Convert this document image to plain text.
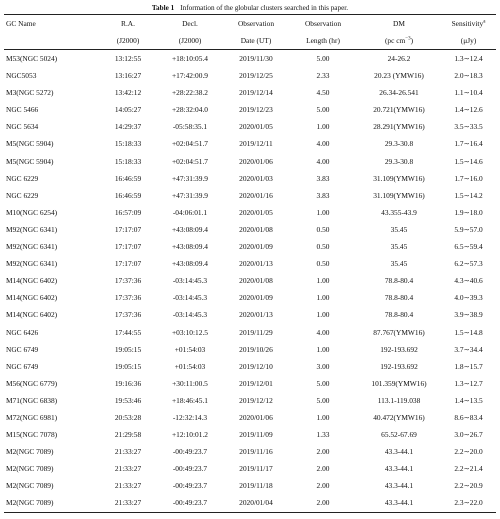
Table 1 Information of the globular clusters searched in this paper.
GC Name	R.A.	Decl.	Observation	Observation	DM	Sensitivity$^a$
	(J2000)	(J2000)	Date (UT)	Length (hr)	(pc $cm^{-3}$)	(μJy)
M53(NGC 5024)	13:12:55	+18:10:05.4	2019/11/30	5.00	24-26.2	1.3∼12.4
NGC5053	13:16:27	+17:42:00.9	2019/12/25	2.33	20.23 (YMW16)	2.0∼18.3
M3(NGC 5272)	13:42:12	+28:22:38.2	2019/12/14	4.50	26.34-26.541	1.1∼10.4
NGC 5466	14:05:27	+28:32:04.0	2019/12/23	5.00	20.721(YMW16)	1.4∼12.6
NGC 5634	14:29:37	-05:58:35.1	2020/01/05	1.00	28.291(YMW16)	3.5∼33.5
M5(NGC 5904)	15:18:33	+02:04:51.7	2019/12/11	4.00	29.3-30.8	1.7∼16.4
M5(NGC 5904)	15:18:33	+02:04:51.7	2020/01/06	4.00	29.3-30.8	1.5∼14.6
NGC 6229	16:46:59	+47:31:39.9	2020/01/03	3.83	31.109(YMW16)	1.7∼16.0
NGC 6229	16:46:59	+47:31:39.9	2020/01/16	3.83	31.109(YMW16)	1.5∼14.2
M10(NGC 6254)	16:57:09	-04:06:01.1	2020/01/05	1.00	43.355-43.9	1.9∼18.0
M92(NGC 6341)	17:17:07	+43:08:09.4	2020/01/08	0.50	35.45	5.9∼57.0
M92(NGC 6341)	17:17:07	+43:08:09.4	2020/01/09	0.50	35.45	6.5∼59.4
M92(NGC 6341)	17:17:07	+43:08:09.4	2020/01/13	0.50	35.45	6.2∼57.3
M14(NGC 6402)	17:37:36	-03:14:45.3	2020/01/08	1.00	78.8-80.4	4.3∼40.6
M14(NGC 6402)	17:37:36	-03:14:45.3	2020/01/09	1.00	78.8-80.4	4.0∼39.3
M14(NGC 6402)	17:37:36	-03:14:45.3	2020/01/13	1.00	78.8-80.4	3.9∼38.9
NGC 6426	17:44:55	+03:10:12.5	2019/11/29	4.00	87.767(YMW16)	1.5∼14.8
NGC 6749	19:05:15	+01:54:03	2019/10/26	1.00	192-193.692	3.7∼34.4
NGC 6749	19:05:15	+01:54:03	2019/12/10	3.00	192-193.692	1.8∼15.7
M56(NGC 6779)	19:16:36	+30:11:00.5	2019/12/01	5.00	101.359(YMW16)	1.3∼12.7
M71(NGC 6838)	19:53:46	+18:46:45.1	2019/12/12	5.00	113.1-119.038	1.4∼13.5
M72(NGC 6981)	20:53:28	-12:32:14.3	2020/01/06	1.00	40.472(YMW16)	8.6∼83.4
M15(NGC 7078)	21:29:58	+12:10:01.2	2019/11/09	1.33	65.52-67.69	3.0∼26.7
M2(NGC 7089)	21:33:27	-00:49:23.7	2019/11/16	2.00	43.3-44.1	2.2∼20.0
M2(NGC 7089)	21:33:27	-00:49:23.7	2019/11/17	2.00	43.3-44.1	2.2∼21.4
M2(NGC 7089)	21:33:27	-00:49:23.7	2019/11/18	2.00	43.3-44.1	2.2∼20.9
M2(NGC 7089)	21:33:27	-00:49:23.7	2020/01/04	2.00	43.3-44.1	2.3∼22.0
